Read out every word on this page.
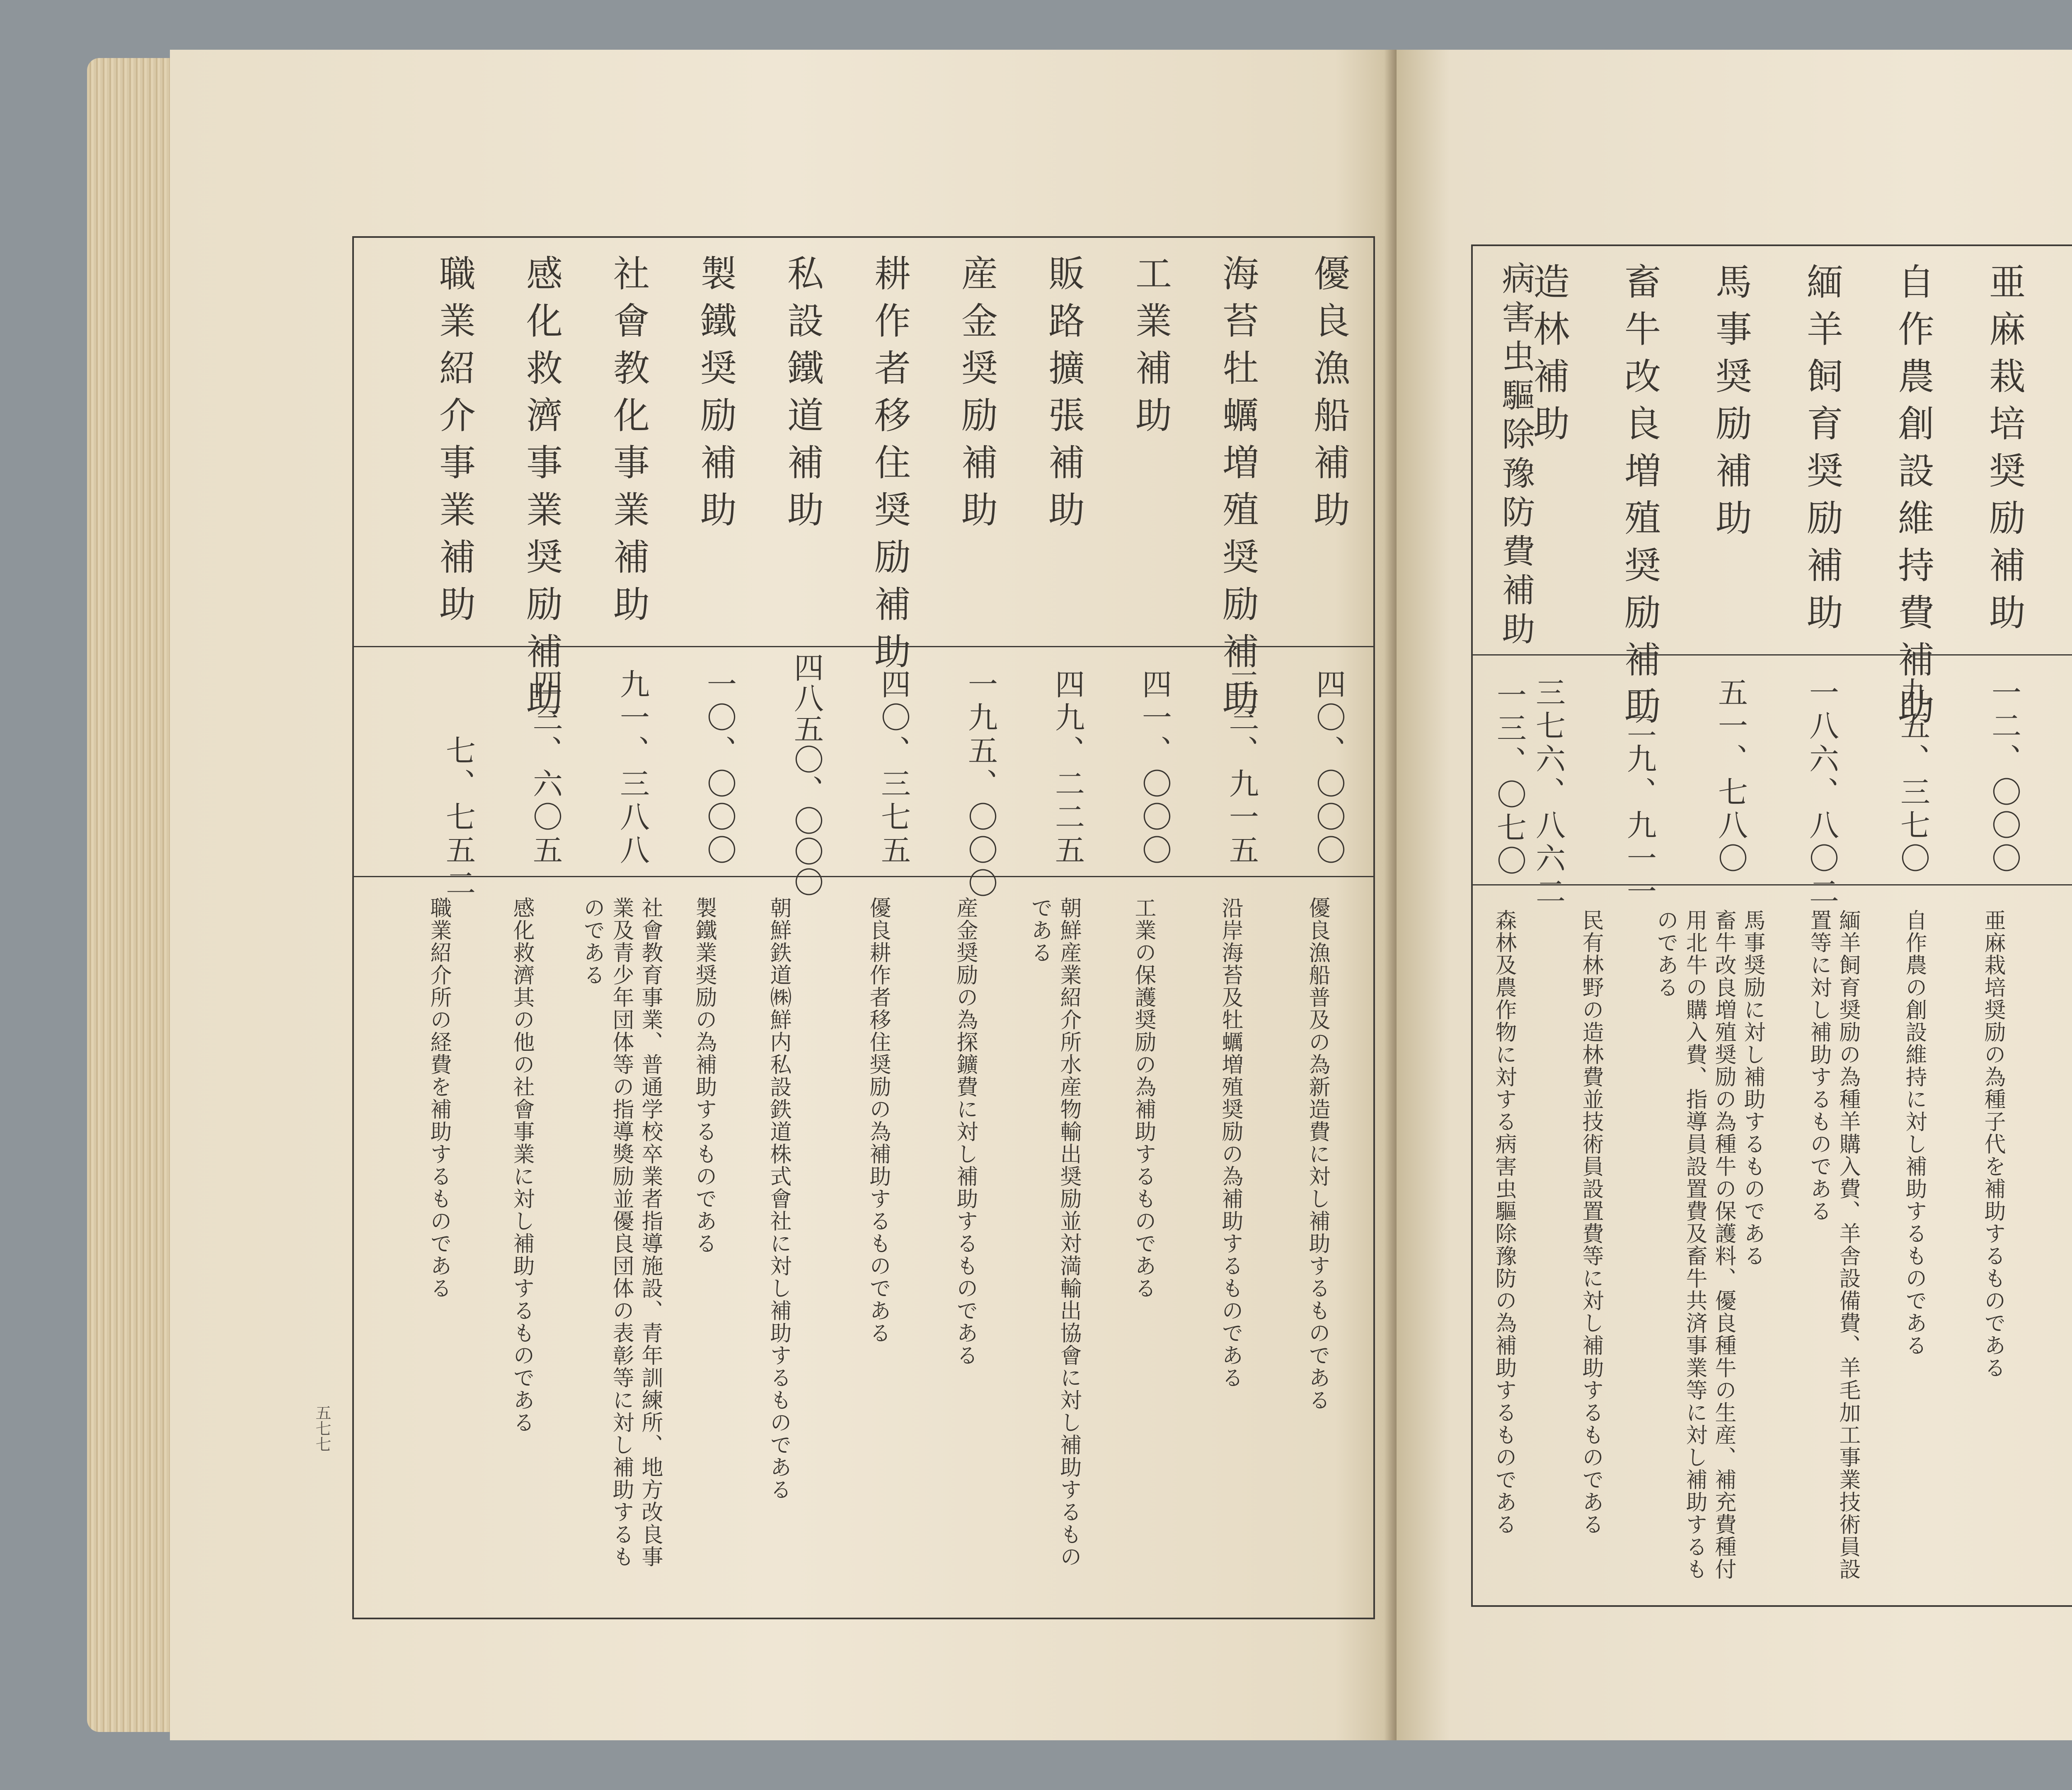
優良漁船補助
海苔牡蠣増殖奨励補助
工業補助
販路擴張補助
産金奨励補助
耕作者移住奨励補助
私設鐵道補助
製鐵奨励補助
社會教化事業補助
感化救濟事業奨励補助
職業紹介事業補助
四〇、〇〇〇
三三、九一五
四一、〇〇〇
四九、二二五
一九五、〇〇〇
四〇、三七五
四八五〇、〇〇〇
一〇、〇〇〇
九一、三八八
四三、六〇五
七、七五二
優良漁船普及の為新造費に対し補助するものである
沿岸海苔及牡蠣増殖奨励の為補助するものである
工業の保護奨励の為補助するものである
朝鮮産業紹介所水産物輸出奨励並対満輸出協會に対し補助するものである
産金奨励の為探鑛費に対し補助するものである
優良耕作者移住奨励の為補助するものである
朝鮮鉄道㈱鮮内私設鉄道株式會社に対し補助するものである
製鐵業奨励の為補助するものである
社會教育事業、普通学校卒業者指導施設、青年訓練所、地方改良事業及青少年団体等の指導獎励並優良団体の表彰等に対し補助するものである
感化救濟其の他の社會事業に対し補助するものである
職業紹介所の経費を補助するものである
五七七
亜麻栽培奨励補助
自作農創設維持費補助
緬羊飼育奨励補助
馬事奨励補助
畜牛改良増殖奨励補助
造林補助
一二、〇〇〇
九五、三七〇
一八六、八〇二
五一、七八〇
一二九、九一一
三七六、八六二
亜麻栽培奨励の為種子代を補助するものである
自作農の創設維持に対し補助するものである
緬羊飼育奨励の為種羊購入費、羊舎設備費、羊毛加工事業技術員設置等に対し補助するものである
馬事奨励に対し補助するものである
畜牛改良増殖奨励の為種牛の保護料、優良種牛の生産、補充費種付用北牛の購入費、指導員設置費及畜牛共済事業等に対し補助するものである
民有林野の造林費並技術員設置費等に対し補助するものである
森林及農作物に対する病害虫驅除豫防の為補助するものである
病害虫驅除豫防費補助
一三、〇七〇
